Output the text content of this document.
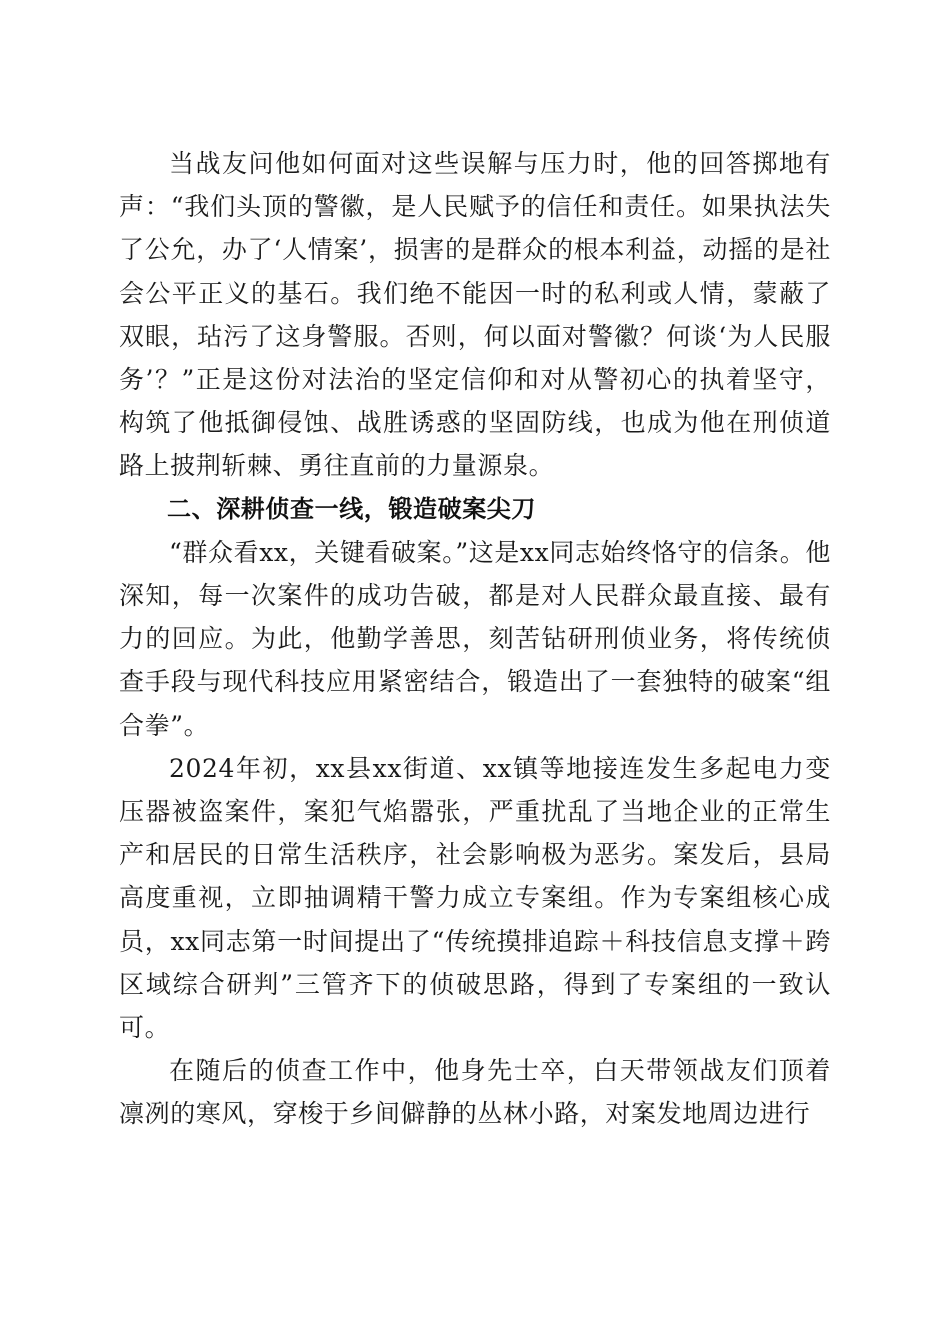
当战友问他如何面对这些误解与压力时，他的回答掷地有声：“我们头顶的警徽，是人民赋予的信任和责任。如果执法失了公允，办了‘人情案’，损害的是群众的根本利益，动摇的是社会公平正义的基石。我们绝不能因一时的私利或人情，蒙蔽了双眼，玷污了这身警服。否则，何以面对警徽？何谈‘为人民服务’？”正是这份对法治的坚定信仰和对从警初心的执着坚守，构筑了他抵御侵蚀、战胜诱惑的坚固防线，也成为他在刑侦道路上披荆斩棘、勇往直前的力量源泉。

二、深耕侦查一线，锻造破案尖刀

“群众看xx，关键看破案。”这是xx同志始终恪守的信条。他深知，每一次案件的成功告破，都是对人民群众最直接、最有力的回应。为此，他勤学善思，刻苦钻研刑侦业务，将传统侦查手段与现代科技应用紧密结合，锻造出了一套独特的破案“组合拳”。

2024年初，xx县xx街道、xx镇等地接连发生多起电力变压器被盗案件，案犯气焰嚣张，严重扰乱了当地企业的正常生产和居民的日常生活秩序，社会影响极为恶劣。案发后，县局高度重视，立即抽调精干警力成立专案组。作为专案组核心成员，xx同志第一时间提出了“传统摸排追踪＋科技信息支撑＋跨区域综合研判”三管齐下的侦破思路，得到了专案组的一致认可。

在随后的侦查工作中，他身先士卒，白天带领战友们顶着凛冽的寒风，穿梭于乡间僻静的丛林小路，对案发地周边进行
